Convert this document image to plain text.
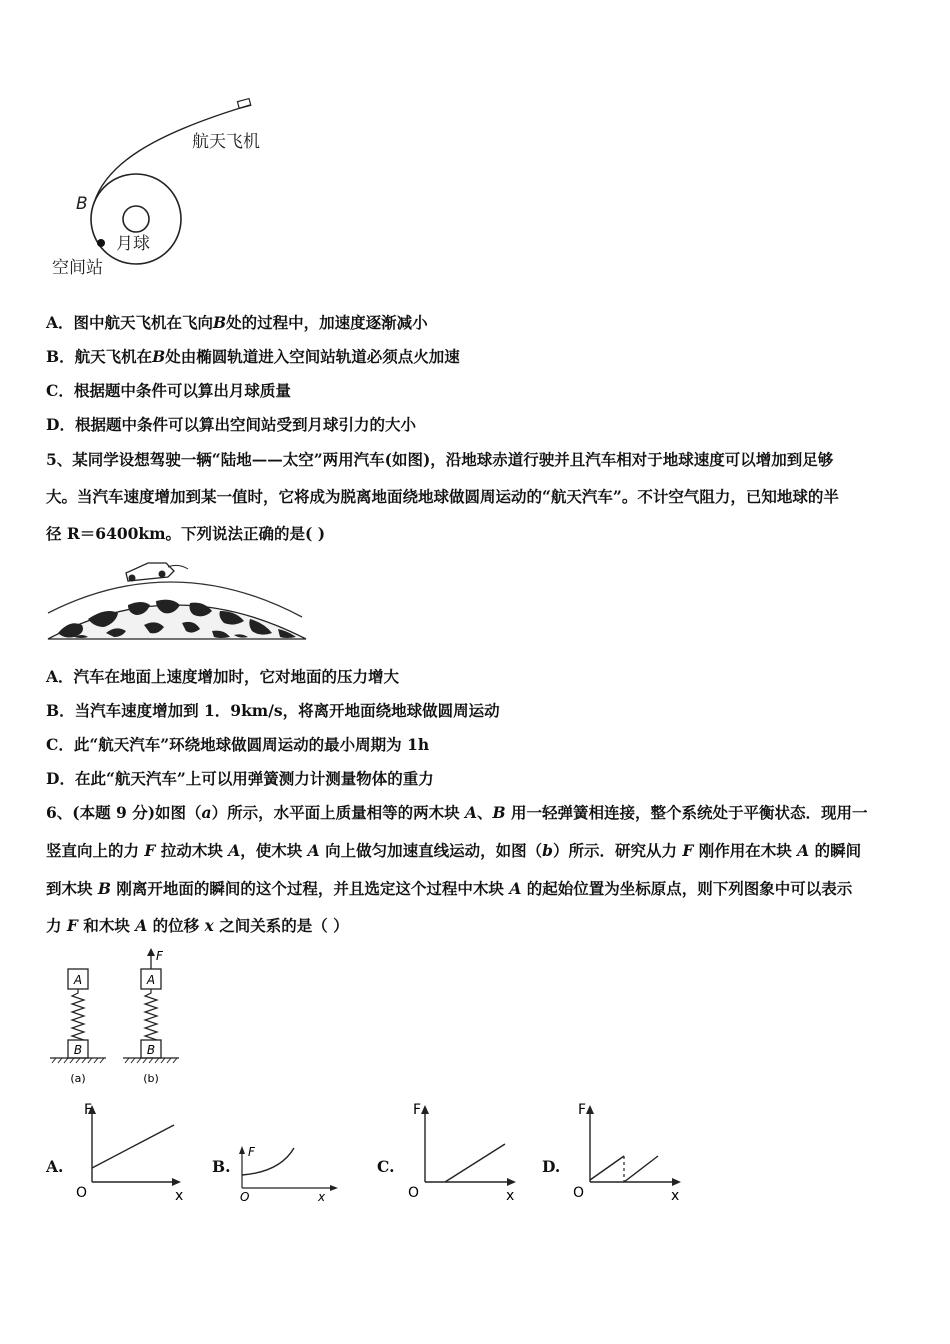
航天飞机
B
月球
空间站
A．图中航天飞机在飞向B处的过程中，加速度逐渐减小
B．航天飞机在B处由椭圆轨道进入空间站轨道必须点火加速
C．根据题中条件可以算出月球质量
D．根据题中条件可以算出空间站受到月球引力的大小
5、某同学设想驾驶一辆“陆地——太空”两用汽车(如图)，沿地球赤道行驶并且汽车相对于地球速度可以增加到足够
大。当汽车速度增加到某一值时，它将成为脱离地面绕地球做圆周运动的“航天汽车”。不计空气阻力，已知地球的半
径 R＝6400km。下列说法正确的是( )
A．汽车在地面上速度增加时，它对地面的压力增大
B．当汽车速度增加到 1．9km/s，将离开地面绕地球做圆周运动
C．此“航天汽车”环绕地球做圆周运动的最小周期为 1h
D．在此“航天汽车”上可以用弹簧测力计测量物体的重力
6、(本题 9 分)如图（a）所示，水平面上质量相等的两木块 A、B 用一轻弹簧相连接，整个系统处于平衡状态．现用一
竖直向上的力 F 拉动木块 A，使木块 A 向上做匀加速直线运动，如图（b）所示．研究从力 F 刚作用在木块 A 的瞬间
到木块 B 刚离开地面的瞬间的这个过程，并且选定这个过程中木块 A 的起始位置为坐标原点，则下列图象中可以表示
力 F 和木块 A 的位移 x 之间关系的是（ ）
A
B
(a)
F
A
B
(b)
A.
F
O	x
B.
F
O	x
C.
F
O	x
D.
F
O	x
